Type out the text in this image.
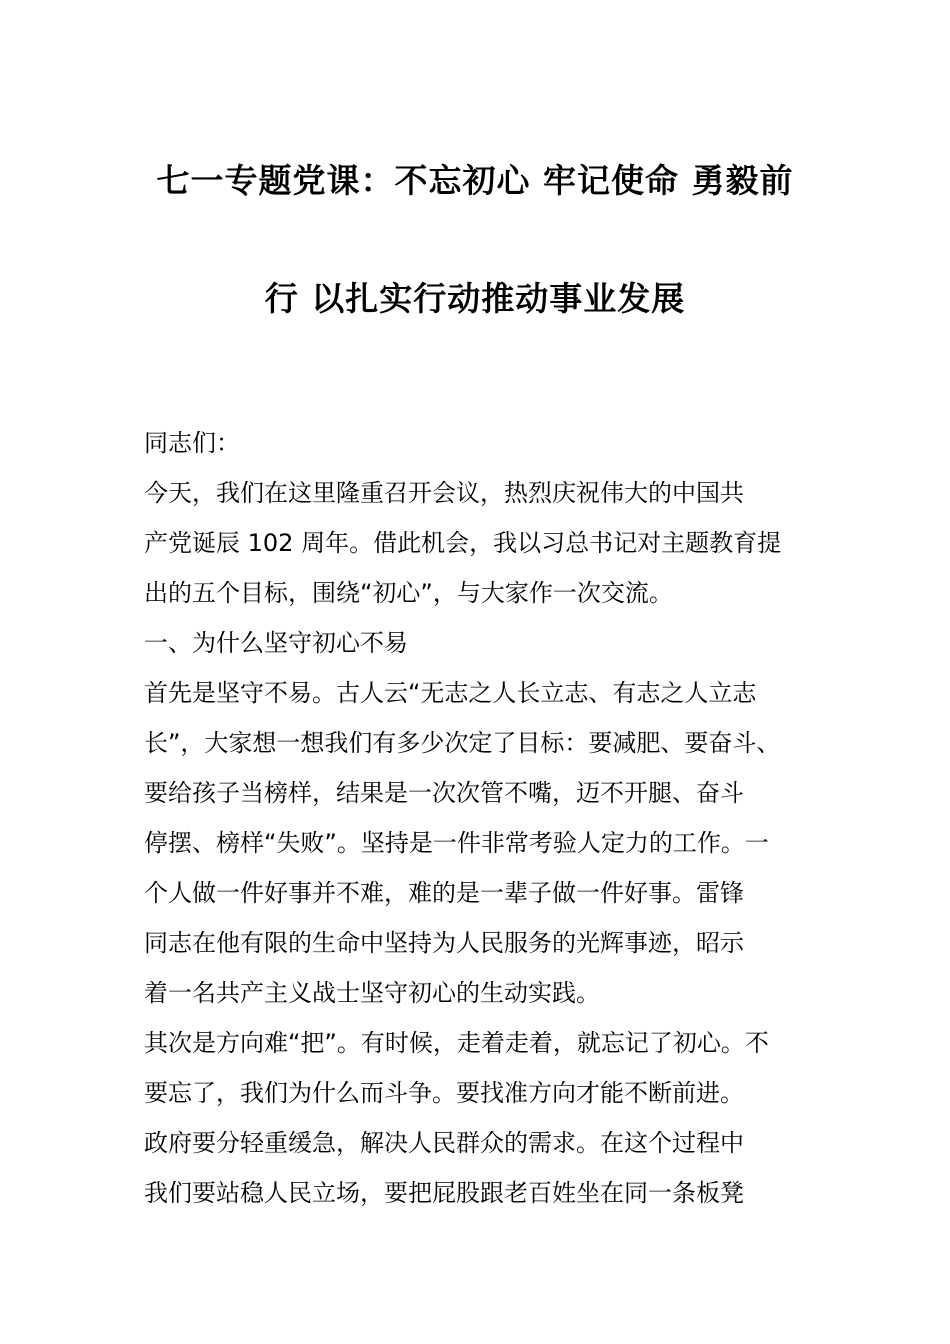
七一专题党课：不忘初心 牢记使命 勇毅前
行 以扎实行动推动事业发展
同志们：
今天，我们在这里隆重召开会议，热烈庆祝伟大的中国共
产党诞辰 102 周年。借此机会，我以习总书记对主题教育提
出的五个目标，围绕“初心”，与大家作一次交流。
一、为什么坚守初心不易
首先是坚守不易。古人云“无志之人长立志、有志之人立志
长”，大家想一想我们有多少次定了目标：要减肥、要奋斗、
要给孩子当榜样，结果是一次次管不嘴，迈不开腿、奋斗
停摆、榜样“失败”。坚持是一件非常考验人定力的工作。一
个人做一件好事并不难，难的是一辈子做一件好事。雷锋
同志在他有限的生命中坚持为人民服务的光辉事迹，昭示
着一名共产主义战士坚守初心的生动实践。
其次是方向难“把”。有时候，走着走着，就忘记了初心。不
要忘了，我们为什么而斗争。要找准方向才能不断前进。
政府要分轻重缓急，解决人民群众的需求。在这个过程中
我们要站稳人民立场，要把屁股跟老百姓坐在同一条板凳
